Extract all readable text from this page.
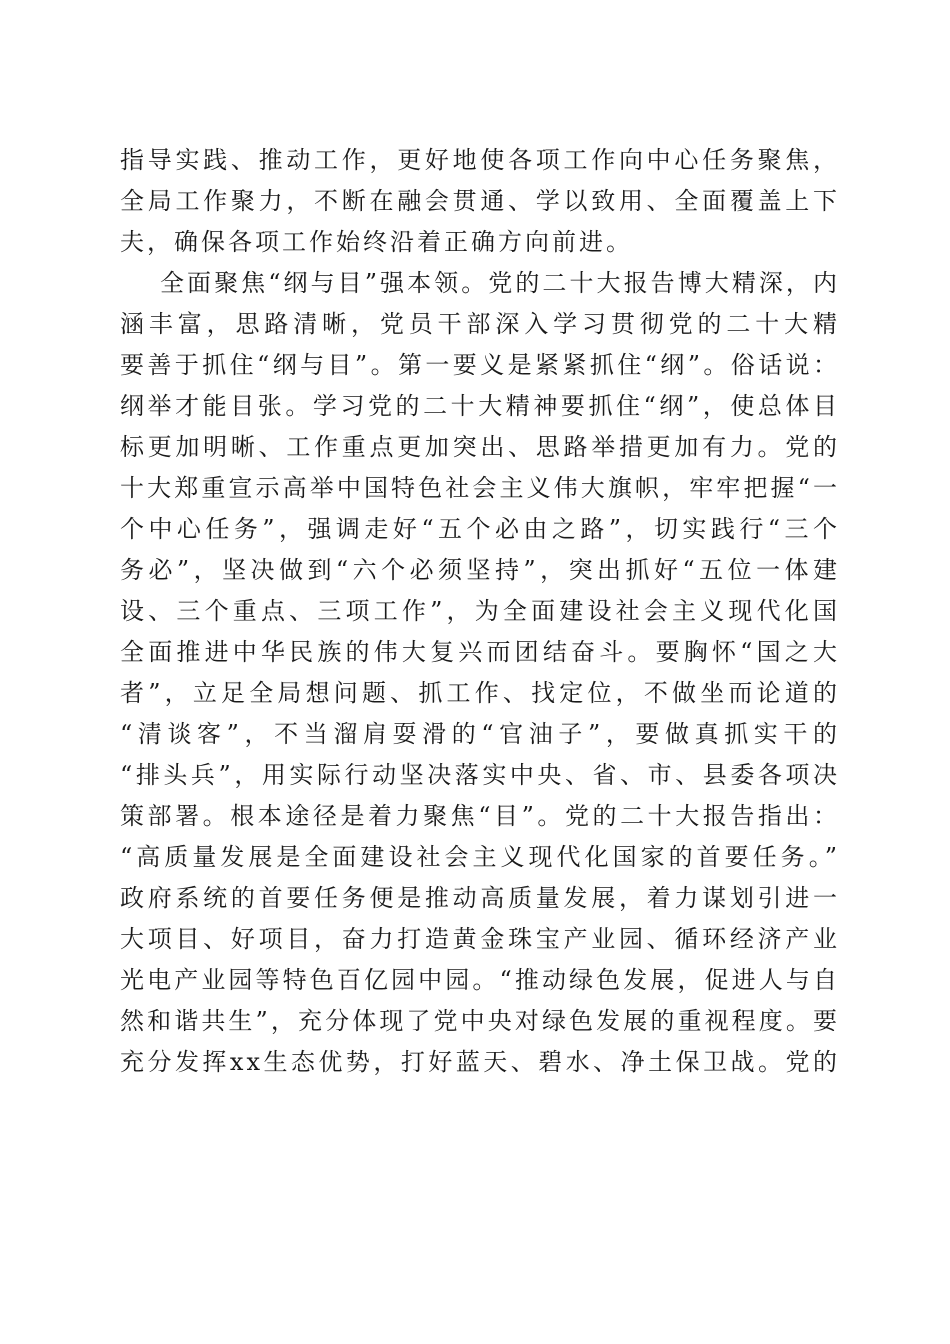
指导实践、推动工作，更好地使各项工作向中心任务聚焦，
全局工作聚力，不断在融会贯通、学以致用、全面覆盖上下
夫，确保各项工作始终沿着正确方向前进。
全面聚焦“纲与目”强本领。党的二十大报告博大精深，内
涵丰富，思路清晰，党员干部深入学习贯彻党的二十大精
要善于抓住“纲与目”。第一要义是紧紧抓住“纲”。俗话说：
纲举才能目张。学习党的二十大精神要抓住“纲”，使总体目
标更加明晰、工作重点更加突出、思路举措更加有力。党的
十大郑重宣示高举中国特色社会主义伟大旗帜，牢牢把握“一
个中心任务”，强调走好“五个必由之路”，切实践行“三个
务必”，坚决做到“六个必须坚持”，突出抓好“五位一体建
设、三个重点、三项工作”，为全面建设社会主义现代化国
全面推进中华民族的伟大复兴而团结奋斗。要胸怀“国之大
者”，立足全局想问题、抓工作、找定位，不做坐而论道的
“清谈客”，不当溜肩耍滑的“官油子”，要做真抓实干的
“排头兵”，用实际行动坚决落实中央、省、市、县委各项决
策部署。根本途径是着力聚焦“目”。党的二十大报告指出：
“高质量发展是全面建设社会主义现代化国家的首要任务。”
政府系统的首要任务便是推动高质量发展，着力谋划引进一
大项目、好项目，奋力打造黄金珠宝产业园、循环经济产业
光电产业园等特色百亿园中园。“推动绿色发展，促进人与自
然和谐共生”，充分体现了党中央对绿色发展的重视程度。要
充分发挥xx生态优势，打好蓝天、碧水、净土保卫战。党的
